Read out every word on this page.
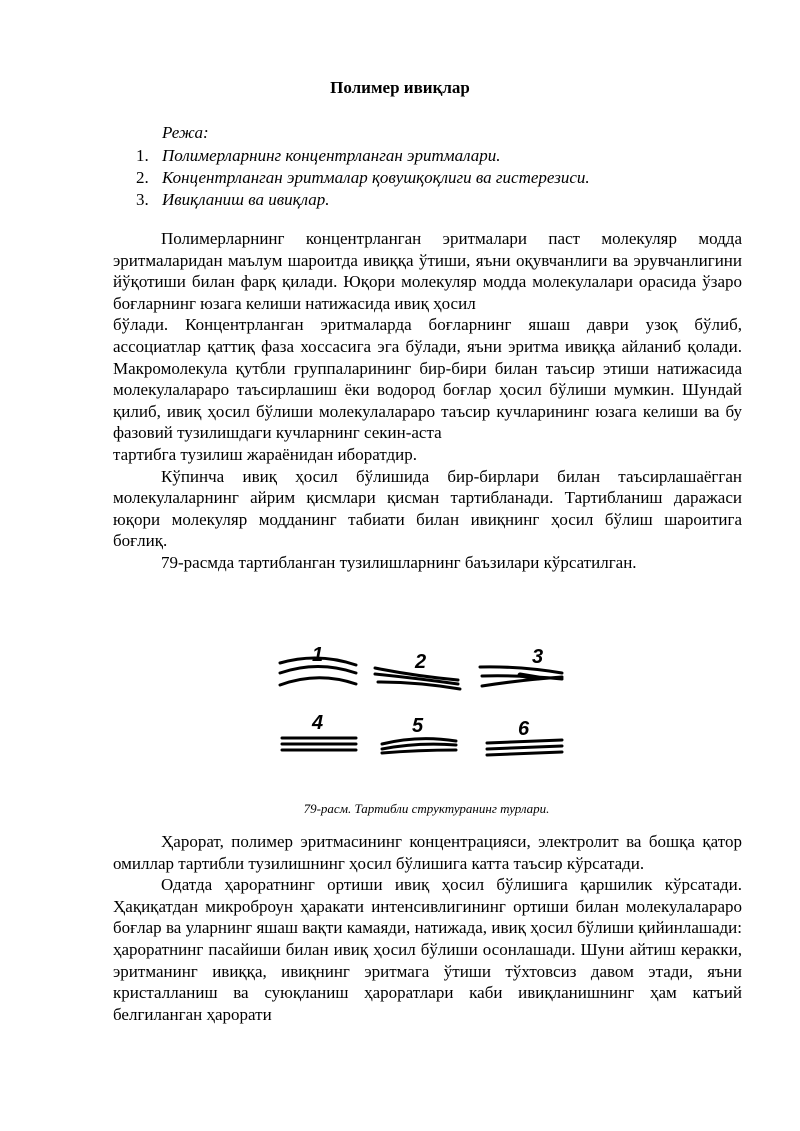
Полимер ивиқлар
Режа:
1. Полимерларнинг концентрланган эритмалари.
2. Концентрланган эритмалар қовушқоқлиги ва гистерезиси.
3. Ивиқланиш ва ивиқлар.

Полимерларнинг концентрланган эритмалари паст молекуляр модда эритмаларидан маълум шароитда ивиққа ўтиши, яъни оқувчанлиги ва эрувчанлигини йўқотиши билан фарқ қилади. Юқори молекуляр модда молекулалари орасида ўзаро боғларнинг юзага келиши натижасида ивиқ ҳосил

бўлади. Концентрланган эритмаларда боғларнинг яшаш даври узоқ бўлиб, ассоциатлар қаттиқ фаза хоссасига эга бўлади, яъни эритма ивиққа айланиб қолади. Макромолекула қутбли группаларининг бир-бири билан таъсир этиши натижасида молекулалараро таъсирлашиш ёки водород боғлар ҳосил бўлиши мумкин. Шундай қилиб, ивиқ ҳосил бўлиши молекулалараро таъсир кучларининг юзага келиши ва бу фазовий тузилишдаги кучларнинг секин-аста

тартибга тузилиш жараёнидан иборатдир.

Кўпинча ивиқ ҳосил бўлишида бир-бирлари билан таъсирлашаёгган молекулаларнинг айрим қисмлари қисман тартибланади. Тартибланиш даражаси юқори молекуляр модданинг табиати билан ивиқнинг ҳосил бўлиш шароитига боғлиқ.

79-расмда тартибланган тузилишларнинг баъзилари кўрсатилган.

1	2	3
4	5	6
79-расм. Тартибли структуранинг турлари.

Ҳарорат, полимер эритмасининг концентрацияси, электролит ва бошқа қатор омиллар тартибли тузилишнинг ҳосил бўлишига катта таъсир кўрсатади.

Одатда ҳароратнинг ортиши ивиқ ҳосил бўлишига қаршилик кўрсатади. Ҳақиқатдан микроброун ҳаракати интенсивлигининг ортиши билан молекулалараро боғлар ва уларнинг яшаш вақти камаяди, натижада, ивиқ ҳосил бўлиши қийинлашади: ҳароратнинг пасайиши билан ивиқ ҳосил бўлиши осонлашади. Шуни айтиш керакки, эритманинг ивиққа, ивиқнинг эритмага ўтиши тўхтовсиз давом этади, яъни кристалланиш ва суюқланиш ҳароратлари каби ивиқланишнинг ҳам катъий белгиланган ҳарорати
